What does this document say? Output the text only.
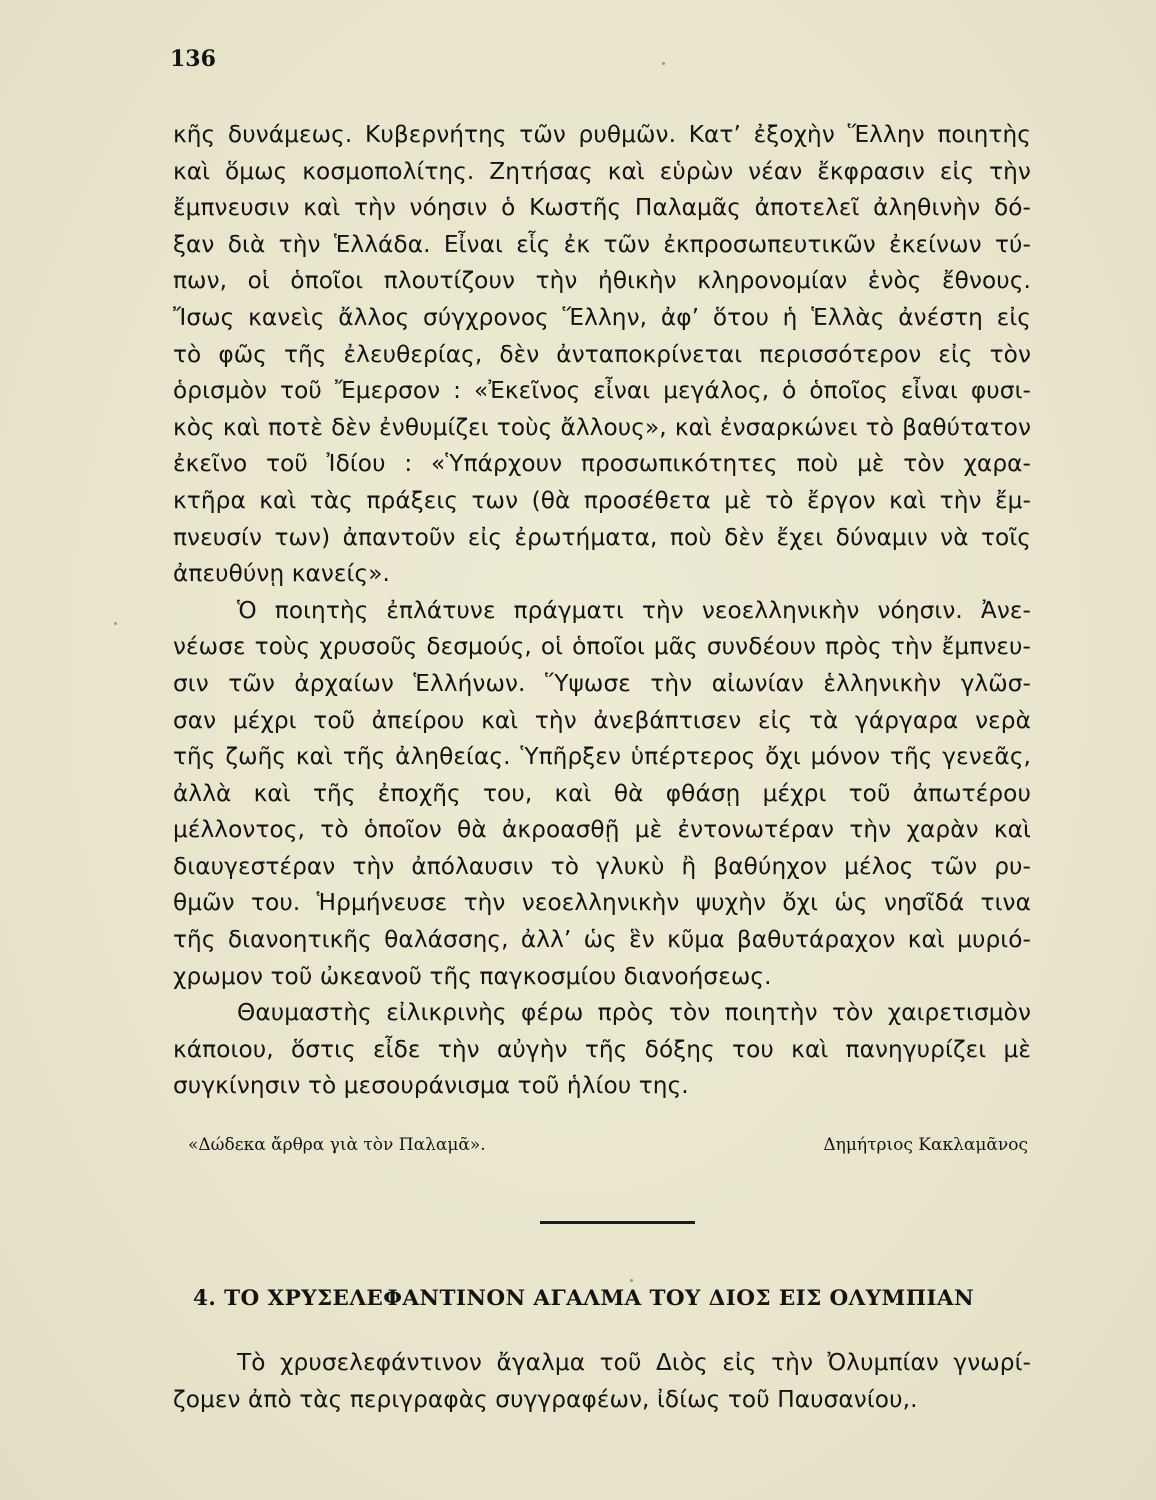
136
κῆς δυνάμεως. Κυβερνήτης τῶν ρυθμῶν. Κατ’ ἐξοχὴν Ἕλλην ποιητὴς
καὶ ὅμως κοσμοπολίτης. Ζητήσας καὶ εὑρὼν νέαν ἔκφρασιν εἰς τὴν
ἔμπνευσιν καὶ τὴν νόησιν ὁ Κωστῆς Παλαμᾶς ἀποτελεῖ ἀληθινὴν δό-
ξαν διὰ τὴν Ἑλλάδα. Εἶναι εἷς ἐκ τῶν ἐκπροσωπευτικῶν ἐκείνων τύ-
πων, οἱ ὁποῖοι πλουτίζουν τὴν ἠθικὴν κληρονομίαν ἑνὸς ἔθνους.
Ἴσως κανεὶς ἄλλος σύγχρονος Ἕλλην, ἀφ’ ὅτου ἡ Ἑλλὰς ἀνέστη εἰς
τὸ φῶς τῆς ἐλευθερίας, δὲν ἀνταποκρίνεται περισσότερον εἰς τὸν
ὁρισμὸν τοῦ Ἔμερσον : «Ἐκεῖνος εἶναι μεγάλος, ὁ ὁποῖος εἶναι φυσι-
κὸς καὶ ποτὲ δὲν ἐνθυμίζει τοὺς ἄλλους», καὶ ἐνσαρκώνει τὸ βαθύτατον
ἐκεῖνο τοῦ Ἰδίου : «Ὑπάρχουν προσωπικότητες ποὺ μὲ τὸν χαρα-
κτῆρα καὶ τὰς πράξεις των (θὰ προσέθετα μὲ τὸ ἔργον καὶ τὴν ἔμ-
πνευσίν των) ἀπαντοῦν εἰς ἐρωτήματα, ποὺ δὲν ἔχει δύναμιν νὰ τοῖς
ἀπευθύνῃ κανείς».
Ὁ ποιητὴς ἐπλάτυνε πράγματι τὴν νεοελληνικὴν νόησιν. Ἀνε-
νέωσε τοὺς χρυσοῦς δεσμούς, οἱ ὁποῖοι μᾶς συνδέουν πρὸς τὴν ἔμπνευ-
σιν τῶν ἀρχαίων Ἑλλήνων. Ὕψωσε τὴν αἰωνίαν ἑλληνικὴν γλῶσ-
σαν μέχρι τοῦ ἀπείρου καὶ τὴν ἀνεβάπτισεν εἰς τὰ γάργαρα νερὰ
τῆς ζωῆς καὶ τῆς ἀληθείας. Ὑπῆρξεν ὑπέρτερος ὄχι μόνον τῆς γενεᾶς,
ἀλλὰ καὶ τῆς ἐποχῆς του, καὶ θὰ φθάσῃ μέχρι τοῦ ἀπωτέρου
μέλλοντος, τὸ ὁποῖον θὰ ἀκροασθῇ μὲ ἐντονωτέραν τὴν χαρὰν καὶ
διαυγεστέραν τὴν ἀπόλαυσιν τὸ γλυκὺ ἢ βαθύηχον μέλος τῶν ρυ-
θμῶν του. Ἡρμήνευσε τὴν νεοελληνικὴν ψυχὴν ὄχι ὡς νησῖδά τινα
τῆς διανοητικῆς θαλάσσης, ἀλλ’ ὡς ἓν κῦμα βαθυτάραχον καὶ μυριό-
χρωμον τοῦ ὠκεανοῦ τῆς παγκοσμίου διανοήσεως.
Θαυμαστὴς εἰλικρινὴς φέρω πρὸς τὸν ποιητὴν τὸν χαιρετισμὸν
κάποιου, ὅστις εἶδε τὴν αὐγὴν τῆς δόξης του καὶ πανηγυρίζει μὲ
συγκίνησιν τὸ μεσουράνισμα τοῦ ἡλίου της.
«Δώδεκα ἄρθρα γιὰ τὸν Παλαμᾶ».	Δημήτριος Κακλαμᾶνος
4. ΤΟ ΧΡΥΣΕΛΕΦΑΝΤΙΝΟΝ ΑΓΑΛΜΑ ΤΟΥ ΔΙΟΣ ΕΙΣ ΟΛΥΜΠΙΑΝ
Τὸ χρυσελεφάντινον ἄγαλμα τοῦ Διὸς εἰς τὴν Ὀλυμπίαν γνωρί-
ζομεν ἀπὸ τὰς περιγραφὰς συγγραφέων, ἰδίως τοῦ Παυσανίου,.
